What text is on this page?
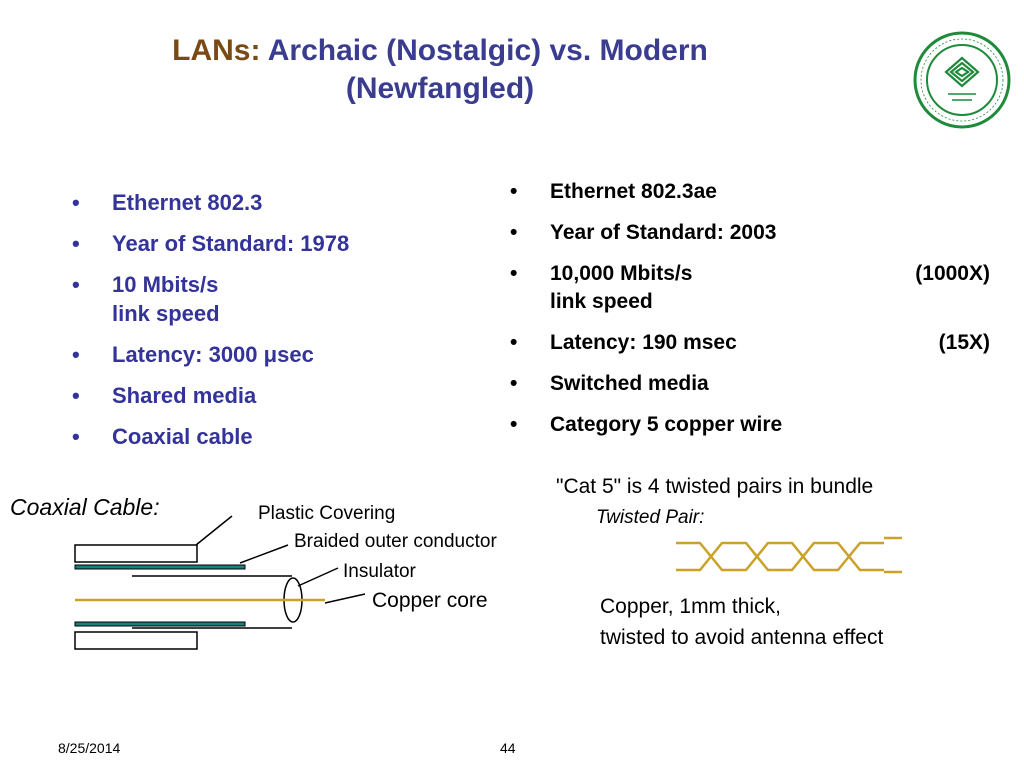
LANs: Archaic (Nostalgic) vs. Modern
(Newfangled)
• Ethernet 802.3
• Year of Standard: 1978
• 10 Mbits/s
link speed
• Latency: 3000 μsec
• Shared media
• Coaxial cable
• Ethernet 802.3ae
• Year of Standard: 2003
• 10,000 Mbits/s	(1000X)
link speed
• Latency: 190 msec	(15X)
• Switched media
• Category 5 copper wire
Coaxial Cable:	Plastic Covering
Braided outer conductor
Insulator
Copper core
"Cat 5" is 4 twisted pairs in bundle
Twisted Pair:
Copper, 1mm thick,
twisted to avoid antenna effect
8/25/2014	44
